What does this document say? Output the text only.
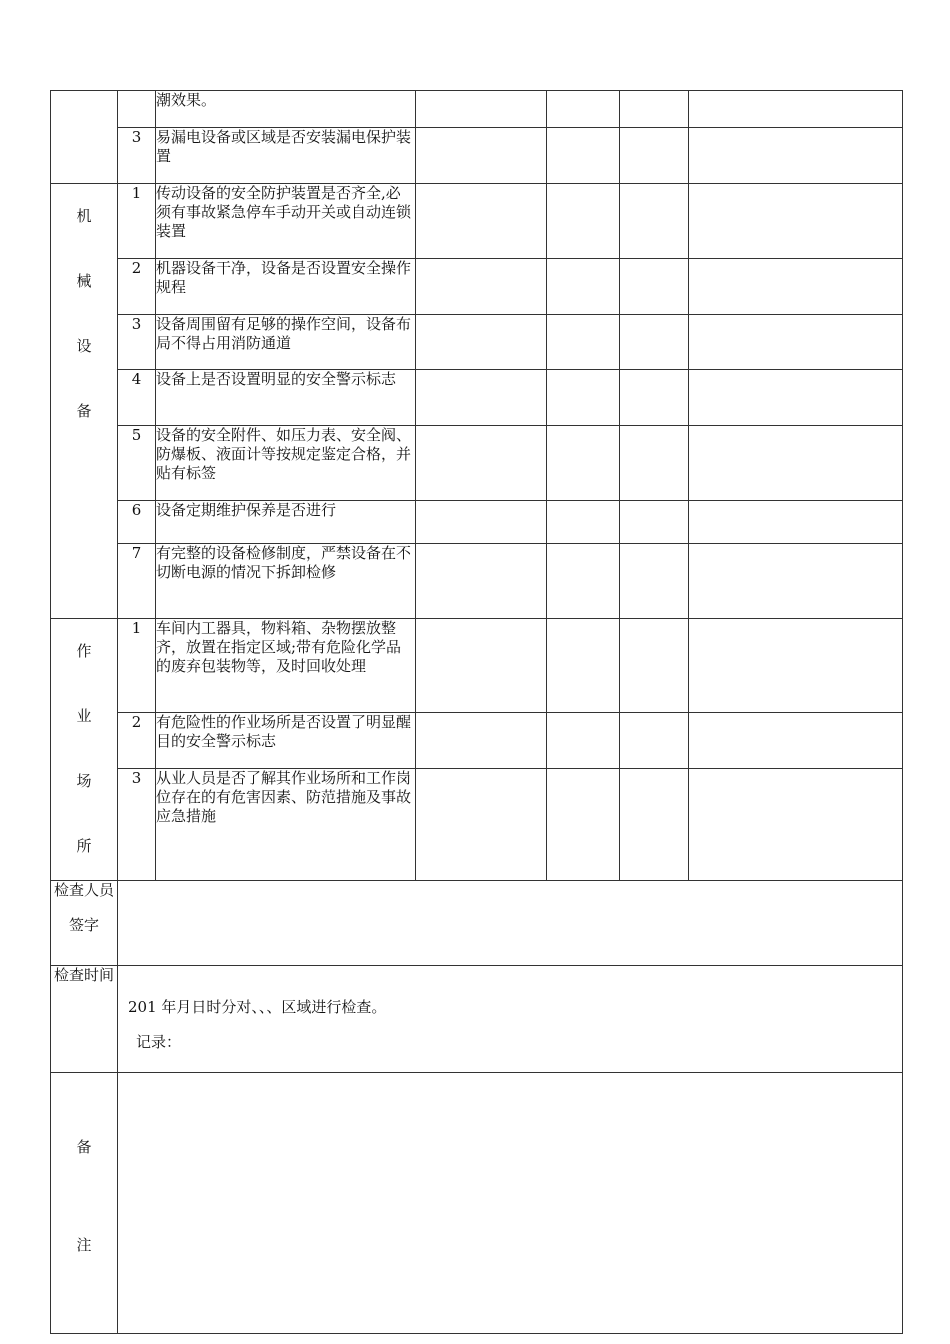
		潮效果。				
	3	易漏电设备或区域是否安装漏电保护装置				

机
械
设
备	1	传动设备的安全防护装置是否齐全,必须有事故紧急停车手动开关或自动连锁装置				
	2	机器设备干净，设备是否设置安全操作规程				
	3	设备周围留有足够的操作空间，设备布局不得占用消防通道				
	4	设备上是否设置明显的安全警示标志				
	5	设备的安全附件、如压力表、安全阀、防爆板、液面计等按规定鉴定合格，并贴有标签				
	6	设备定期维护保养是否进行				
	7	有完整的设备检修制度，严禁设备在不切断电源的情况下拆卸检修				

作
业
场
所	1	车间内工器具，物料箱、杂物摆放整齐，放置在指定区域;带有危险化学品的废弃包装物等，及时回收处理				
	2	有危险性的作业场所是否设置了明显醒目的安全警示标志				
	3	从业人员是否了解其作业场所和工作岗位存在的有危害因素、防范措施及事故应急措施				
检查人员
签字						
检查时间	201 年月日时分对、、、区域进行检查。
记录：					

备
注						
